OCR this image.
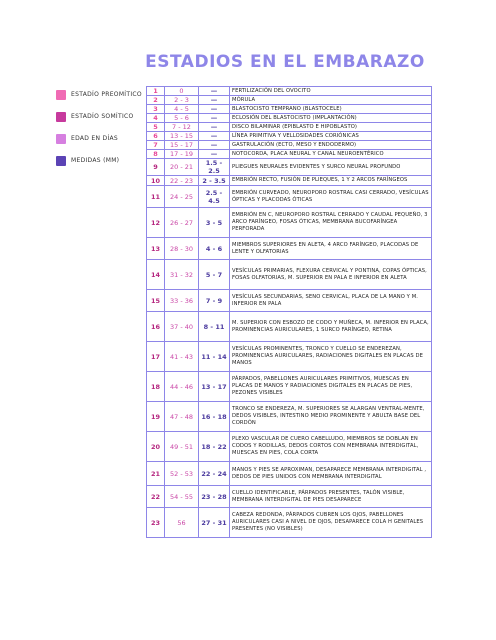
ESTADIOS EN EL EMBARAZO
ESTADÍO PREOMÍTICO
ESTADÍO SOMÍTICO
EDAD EN DÍAS
MEDIDAS (MM)
1	0	—	FERTILIZACIÓN DEL OVOCITO
2	2 - 3	—	MÓRULA
3	4 - 5	—	BLASTOCISTO TEMPRANO (BLASTOCELE)
4	5 - 6	—	ECLOSIÓN DEL BLASTOCISTO (IMPLANTACIÓN)
5	7 - 12	—	DISCO BILAMINAR (EPIBLASTO E HIPOBLASTO)
6	13 - 15	—	LÍNEA PRIMITIVA Y VELLOSIDADES CORIÓNICAS
7	15 - 17	—	GASTRULACIÓN (ECTO, MESO Y ENDODERMO)
8	17 - 19	—	NOTOCORDA, PLACA NEURAL Y CANAL NEUROENTÉRICO
9	20 - 21	1.5 - 2.5	PLIEGUES NEURALES EVIDENTES Y SURCO NEURAL PROFUNDO
10	22 - 23	2 - 3.5	EMBRIÓN RECTO, FUSIÓN DE PLIEQUES, 1 Y 2 ARCOS FARÍNGEOS
11	24 - 25	2.5 - 4.5	EMBRIÓN CURVEADO, NEUROPORO ROSTRAL CASI CERRADO, VESÍCULAS ÓPTICAS Y PLACODAS ÓTICAS
12	26 - 27	3 - 5	EMBRIÓN EN C, NEUROPORO ROSTRAL CERRADO Y CAUDAL PEQUEÑO, 3 ARCO FARÍNGEO, FOSAS ÓTICAS, MEMBRANA BUCOFARÍNGEA PERFORADA
13	28 - 30	4 - 6	MIEMBROS SUPERIORES EN ALETA, 4 ARCO FARÍNGEO, PLACODAS DE LENTE Y OLFATORIAS
14	31 - 32	5 - 7	VESÍCULAS PRIMARIAS, FLEXURA CERVICAL Y PONTINA, COPAS ÓPTICAS, FOSAS OLFATORIAS, M. SUPERIOR EN PALA E INFERIOR EN ALETA
15	33 - 36	7 - 9	VESÍCULAS SECUNDARIAS, SENO CERVICAL, PLACA DE LA MANO Y M. INFERIOR EN PALA
16	37 - 40	8 - 11	M. SUPERIOR CON ESBOZO DE CODO Y MUÑECA, M. INFERIOR EN PLACA, PROMINENCIAS AURICULARES, 1 SURCO FARÍNGEO, RETINA
17	41 - 43	11 - 14	VESÍCULAS PROMINENTES, TRONCO Y CUELLO SE ENDEREZAN, PROMINENCIAS AURICULARES, RADIACIONES DIGITALES EN PLACAS DE MANOS
18	44 - 46	13 - 17	PÁRPADOS, PABELLONES AURICULARES PRIMITIVOS, MUESCAS EN PLACAS DE MANOS Y RADIACIONES DIGITALES EN PLACAS DE PIES, PEZONES VISIBLES
19	47 - 48	16 - 18	TRONCO SE ENDEREZA, M. SUPERIORES SE ALARGAN VENTRAL-MENTE, DEDOS VISIBLES, INTESTINO MEDIO PROMINENTE Y ABULTA BASE DEL CORDÓN
20	49 - 51	18 - 22	PLEXO VASCULAR DE CUERO CABELLUDO, MIEMBROS SE DOBLAN EN CODOS Y RODILLAS, DEDOS CORTOS CON MEMBRANA INTERDIGITAL, MUESCAS EN PIES, COLA CORTA
21	52 - 53	22 - 24	MANOS Y PIES SE APROXIMAN, DESAPARECE MEMBRANA INTERDIGITAL , DEDOS DE PIES UNIDOS CON MEMBRANA INTERDIGITAL
22	54 - 55	23 - 28	CUELLO IDENTIFICABLE, PÁRPADOS PRESENTES, TALÓN VISIBLE, MEMBRANA INTERDIGITAL DE PIES DESAPARECE
23	56	27 - 31	CABEZA REDONDA, PÁRPADOS CUBREN LOS OJOS, PABELLONES AURICULARES CASI A NIVEL DE OJOS, DESAPARECE COLA H GENITALES PRESENTES (NO VISIBLES)
